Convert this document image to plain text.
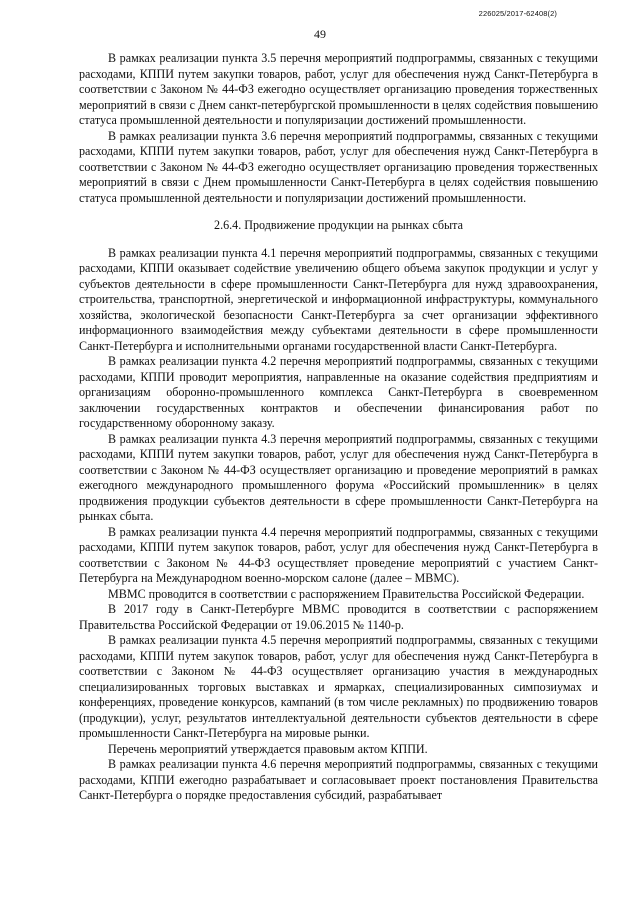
226025/2017-62408(2)
49

В рамках реализации пункта 3.5 перечня мероприятий подпрограммы, связанных с текущими расходами, КППИ путем закупки товаров, работ, услуг для обеспечения нужд Санкт-Петербурга в соответствии с Законом № 44-ФЗ ежегодно осуществляет организацию проведения торжественных мероприятий в связи с Днем санкт-петербургской промышленности в целях содействия повышению статуса промышленной деятельности и популяризации достижений промышленности.

В рамках реализации пункта 3.6 перечня мероприятий подпрограммы, связанных с текущими расходами, КППИ путем закупки товаров, работ, услуг для обеспечения нужд Санкт-Петербурга в соответствии с Законом № 44-ФЗ ежегодно осуществляет организацию проведения торжественных мероприятий в связи с Днем промышленности Санкт-Петербурга в целях содействия повышению статуса промышленной деятельности и популяризации достижений промышленности.

2.6.4. Продвижение продукции на рынках сбыта

В рамках реализации пункта 4.1 перечня мероприятий подпрограммы, связанных с текущими расходами, КППИ оказывает содействие увеличению общего объема закупок продукции и услуг у субъектов деятельности в сфере промышленности Санкт-Петербурга для нужд здравоохранения, строительства, транспортной, энергетической и информационной инфраструктуры, коммунального хозяйства, экологической безопасности Санкт-Петербурга за счет организации эффективного информационного взаимодействия между субъектами деятельности в сфере промышленности Санкт-Петербурга и исполнительными органами государственной власти Санкт-Петербурга.

В рамках реализации пункта 4.2 перечня мероприятий подпрограммы, связанных с текущими расходами, КППИ проводит мероприятия, направленные на оказание содействия предприятиям и организациям оборонно-промышленного комплекса Санкт-Петербурга в своевременном заключении государственных контрактов и обеспечении финансирования работ по государственному оборонному заказу.

В рамках реализации пункта 4.3 перечня мероприятий подпрограммы, связанных с текущими расходами, КППИ путем закупки товаров, работ, услуг для обеспечения нужд Санкт-Петербурга в соответствии с Законом № 44-ФЗ осуществляет организацию и проведение мероприятий в рамках ежегодного международного промышленного форума «Российский промышленник» в целях продвижения продукции субъектов деятельности в сфере промышленности Санкт-Петербурга на рынках сбыта.

В рамках реализации пункта 4.4 перечня мероприятий подпрограммы, связанных с текущими расходами, КППИ путем закупок товаров, работ, услуг для обеспечения нужд Санкт-Петербурга в соответствии с Законом № 44-ФЗ осуществляет проведение мероприятий с участием Санкт-Петербурга на Международном военно-морском салоне (далее – МВМС).

МВМС проводится в соответствии с распоряжением Правительства Российской Федерации.

В 2017 году в Санкт-Петербурге МВМС проводится в соответствии с распоряжением Правительства Российской Федерации от 19.06.2015 № 1140-р.

В рамках реализации пункта 4.5 перечня мероприятий подпрограммы, связанных с текущими расходами, КППИ путем закупок товаров, работ, услуг для обеспечения нужд Санкт-Петербурга в соответствии с Законом № 44-ФЗ осуществляет организацию участия в международных специализированных торговых выставках и ярмарках, специализированных симпозиумах и конференциях, проведение конкурсов, кампаний (в том числе рекламных) по продвижению товаров (продукции), услуг, результатов интеллектуальной деятельности субъектов деятельности в сфере промышленности Санкт-Петербурга на мировые рынки.

Перечень мероприятий утверждается правовым актом КППИ.

В рамках реализации пункта 4.6 перечня мероприятий подпрограммы, связанных с текущими расходами, КППИ ежегодно разрабатывает и согласовывает проект постановления Правительства Санкт-Петербурга о порядке предоставления субсидий, разрабатывает
